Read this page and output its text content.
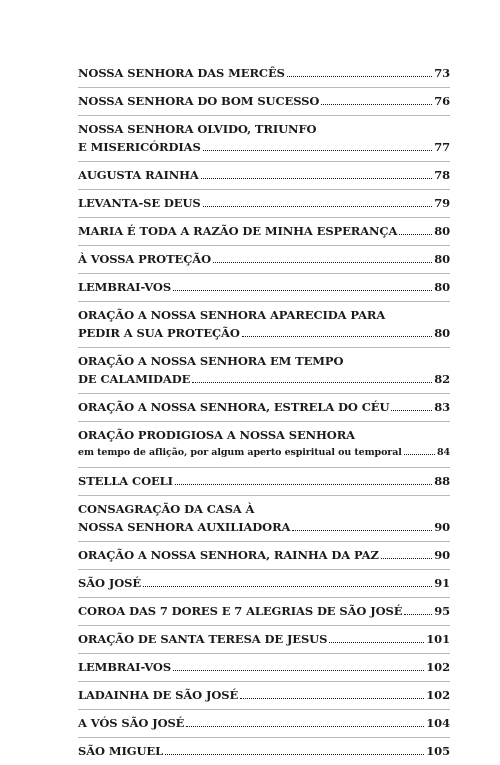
NOSSA SENHORA DAS MERCÊS	73
NOSSA SENHORA DO BOM SUCESSO	76
NOSSA SENHORA OLVIDO, TRIUNFO
E MISERICÓRDIAS	77
AUGUSTA RAINHA	78
LEVANTA-SE DEUS	79
MARIA É TODA A RAZÃO DE MINHA ESPERANÇA	80
À VOSSA PROTEÇÃO	80
LEMBRAI-VOS	80
ORAÇÃO A NOSSA SENHORA APARECIDA PARA
PEDIR A SUA PROTEÇÃO	80
ORAÇÃO A NOSSA SENHORA EM TEMPO
DE CALAMIDADE	82
ORAÇÃO A NOSSA SENHORA, ESTRELA DO CÉU	83
ORAÇÃO PRODIGIOSA A NOSSA SENHORA
em tempo de aflição, por algum aperto espiritual ou temporal	84
STELLA COELI	88
CONSAGRAÇÃO DA CASA À
NOSSA SENHORA AUXILIADORA	90
ORAÇÃO A NOSSA SENHORA, RAINHA DA PAZ	90
SÃO JOSÉ	91
COROA DAS 7 DORES E 7 ALEGRIAS DE SÃO JOSÉ	95
ORAÇÃO DE SANTA TERESA DE JESUS	101
LEMBRAI-VOS	102
LADAINHA DE SÃO JOSÉ	102
A VÓS SÃO JOSÉ	104
SÃO MIGUEL	105
